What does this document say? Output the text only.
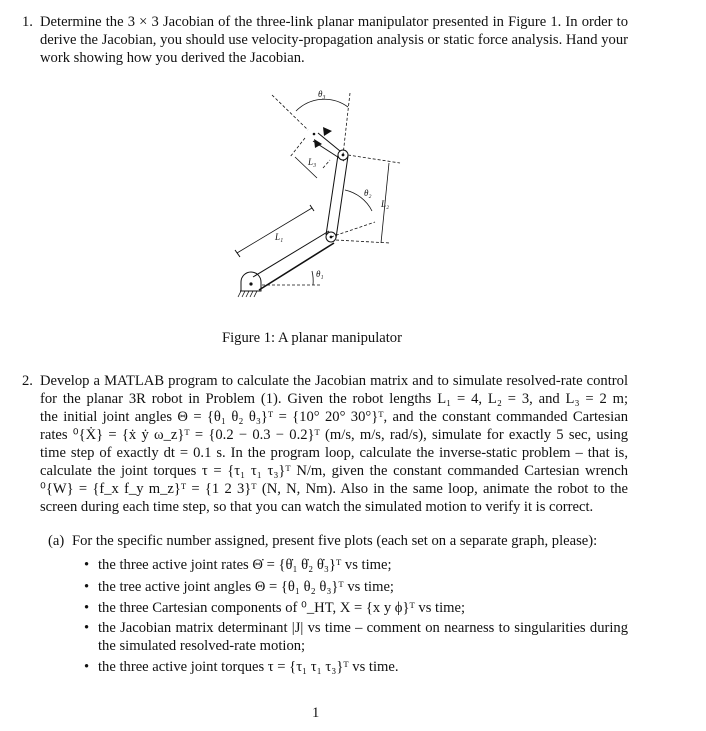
1. Determine the 3 × 3 Jacobian of the three-link planar manipulator presented in Figure 1. In order to
derive the Jacobian, you should use velocity-propagation analysis or static force analysis. Hand your
work showing how you derived the Jacobian.
θ₁
θ₂
θ₃
L₁
L₂
L₃
Figure 1: A planar manipulator
2. Develop a MATLAB program to calculate the Jacobian matrix and to simulate resolved-rate control
for the planar 3R robot in Problem (1). Given the robot lengths L₁ = 4, L₂ = 3, and L₃ = 2 m;
the initial joint angles Θ = {θ₁ θ₂ θ₃}ᵀ = {10° 20° 30°}ᵀ, and the constant commanded Cartesian
rates ⁰{Ẋ} = {ẋ ẏ ω_z}ᵀ = {0.2 − 0.3 − 0.2}ᵀ (m/s, m/s, rad/s), simulate for exactly 5 sec, using
time step of exactly dt = 0.1 s. In the program loop, calculate the inverse-static problem – that is,
calculate the joint torques τ = {τ₁ τ₁ τ₃}ᵀ N/m, given the constant commanded Cartesian wrench
⁰{W} = {f_x f_y m_z}ᵀ = {1 2 3}ᵀ (N, N, Nm). Also in the same loop, animate the robot to the
screen during each time step, so that you can watch the simulated motion to verify it is correct.
(a) For the specific number assigned, present five plots (each set on a separate graph, please):
• the three active joint rates Θ̇ = {θ̇₁ θ̇₂ θ̇₃}ᵀ vs time;
• the tree active joint angles Θ = {θ₁ θ₂ θ₃}ᵀ vs time;
• the three Cartesian components of ⁰_HT, X = {x y ϕ}ᵀ vs time;
• the Jacobian matrix determinant |J| vs time – comment on nearness to singularities during
the simulated resolved-rate motion;
• the three active joint torques τ = {τ₁ τ₁ τ₃}ᵀ vs time.
1
